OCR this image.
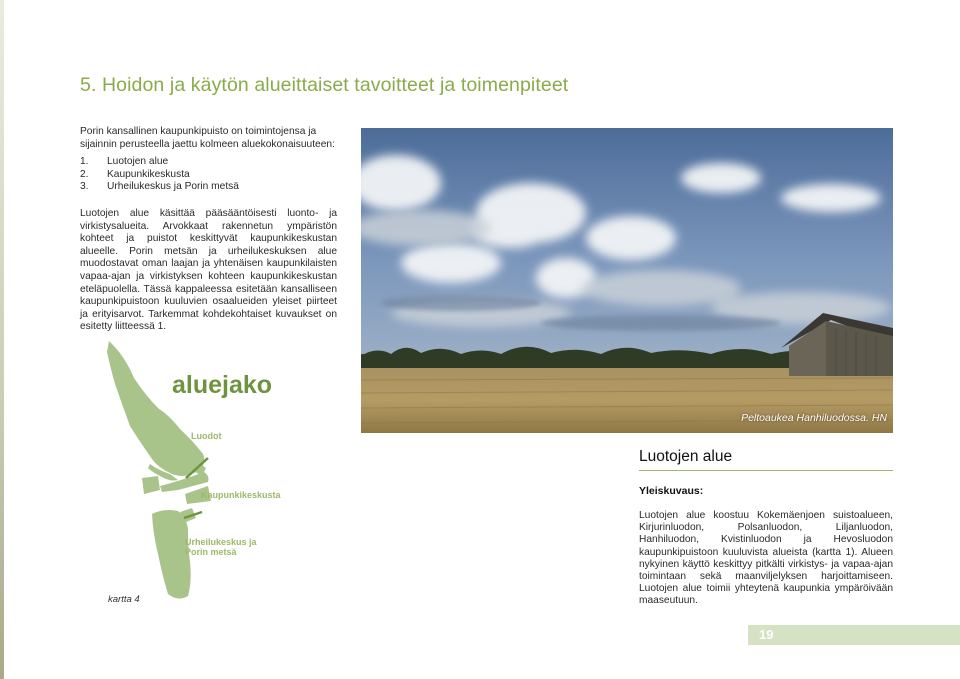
5. Hoidon ja käytön alueittaiset tavoitteet ja toimenpiteet

Porin kansallinen kaupunkipuisto on toimintojensa ja sijainnin perusteella jaettu kolmeen aluekokonaisuuteen:

1.	Luotojen alue
2.	Kaupunkikeskusta
3.	Urheilukeskus ja Porin metsä
Luotojen alue käsittää pääsääntöisesti luonto- ja virkistysalueita. Arvokkaat rakennetun ympäristön kohteet ja puistot keskittyvät kaupunkikeskustan alueelle. Porin metsän ja urheilukeskuksen alue muodostavat oman laajan ja yhtenäisen kaupunkilaisten vapaa-ajan ja virkistyksen kohteen kaupunkikeskustan eteläpuolella. Tässä kappaleessa esitetään kansalliseen kaupunkipuistoon kuuluvien osaalueiden yleiset piirteet ja erityisarvot. Tarkemmat kohdekohtaiset kuvaukset on esitetty liitteessä 1.
Peltoaukea Hanhiluodossa. HN
aluejako
Luodot
Kaupunkikeskusta
Urheilukeskus ja
Porin metsä
kartta 4
Luotojen alue
Yleiskuvaus:
Luotojen alue koostuu Kokemäenjoen suistoalueen, Kirjurinluodon, Polsanluodon, Liljanluodon, Hanhiluodon, Kvistinluodon ja Hevosluodon kaupunkipuistoon kuuluvista alueista (kartta 1). Alueen nykyinen käyttö keskittyy pitkälti virkistys- ja vapaa-ajan toimintaan sekä maanviljelyksen harjoittamiseen. Luotojen alue toimii yhteytenä kaupunkia ympäröivään maaseutuun.
19
